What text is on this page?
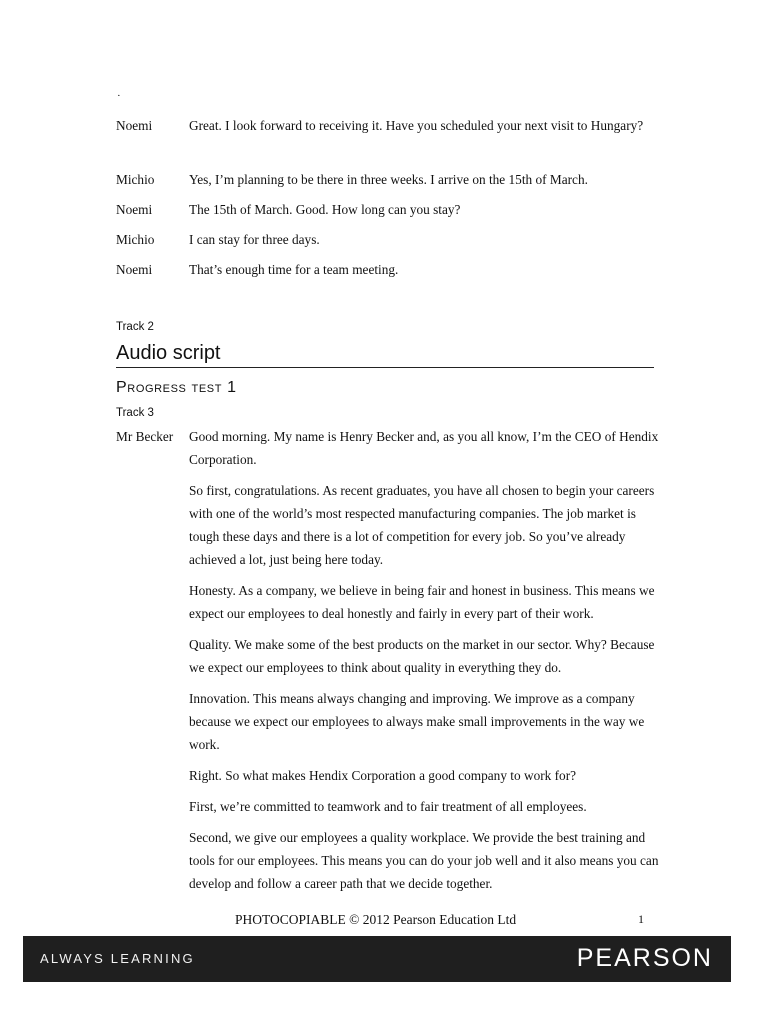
·
Noemi	Great. I look forward to receiving it. Have you scheduled your next visit to Hungary?
Michio	Yes, I’m planning to be there in three weeks. I arrive on the 15th of March.
Noemi	The 15th of March. Good. How long can you stay?
Michio	I can stay for three days.
Noemi	That’s enough time for a team meeting.
Track 2
Audio script
Progress test 1
Track 3
Mr Becker	Good morning. My name is Henry Becker and, as you all know, I’m the CEO of Hendix Corporation.

So first, congratulations. As recent graduates, you have all chosen to begin your careers with one of the world’s most respected manufacturing companies. The job market is tough these days and there is a lot of competition for every job. So you’ve already achieved a lot, just being here today.

Honesty. As a company, we believe in being fair and honest in business. This means we expect our employees to deal honestly and fairly in every part of their work.

Quality. We make some of the best products on the market in our sector. Why? Because we expect our employees to think about quality in everything they do.

Innovation. This means always changing and improving. We improve as a company because we expect our employees to always make small improvements in the way we work.

Right. So what makes Hendix Corporation a good company to work for?

First, we’re committed to teamwork and to fair treatment of all employees.

Second, we give our employees a quality workplace. We provide the best training and tools for our employees. This means you can do your job well and it also means you can develop and follow a career path that we decide together.

PHOTOCOPIABLE © 2012 Pearson Education Ltd	1
ALWAYS LEARNING	PEARSON
